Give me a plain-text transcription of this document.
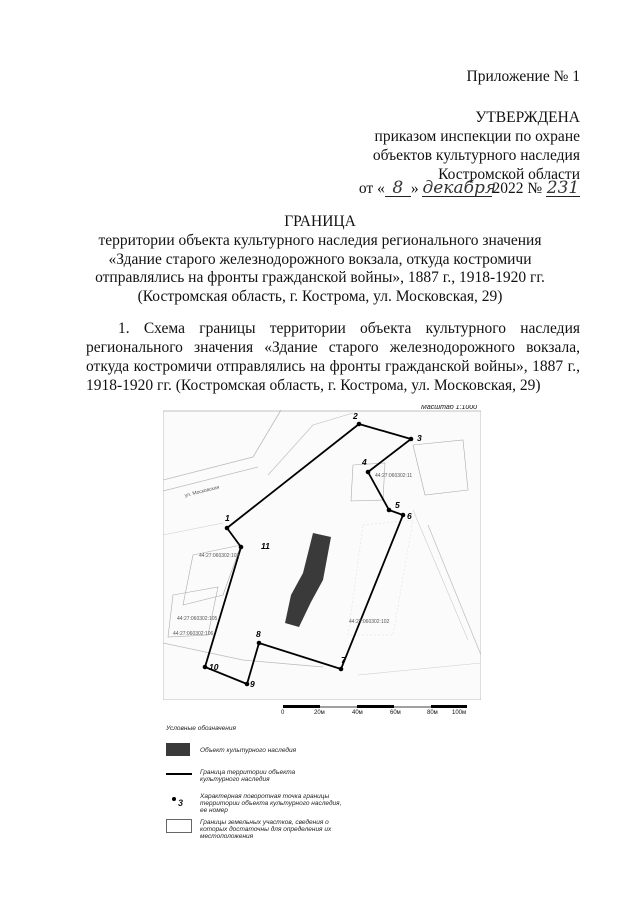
Приложение № 1
УТВЕРЖДЕНА
приказом инспекции по охране
объектов культурного наследия
Костромской области
от « 8 » декабря2022 № 231
ГРАНИЦА
территории объекта культурного наследия регионального значения
«Здание старого железнодорожного вокзала, откуда костромичи
отправлялись на фронты гражданской войны», 1887 г., 1918-1920 гг.
(Костромская область, г. Кострома, ул. Московская, 29)
1. Схема границы территории объекта культурного наследия регионального значения «Здание старого железнодорожного вокзала, откуда костромичи отправлялись на фронты гражданской войны», 1887 г., 1918-1920 гг. (Костромская область, г. Кострома, ул. Московская, 29)
1
2
3
4
5
6
7
8
9
10
11
44:27:060302:103
44:27:060302:105
44:27:060302:106
44:27:060302:102
44:27:060302:11
ул. Московская
Масштаб 1:1000
0	20м	40м	60м	80м 100м
Условные обозначения
Объект культурного наследия
Граница территории объекта культурного наследия
3
Характерная поворотная точка границы территории объекта культурного наследия, ее номер
Границы земельных участков, сведения о которых достаточны для определения их местоположения
